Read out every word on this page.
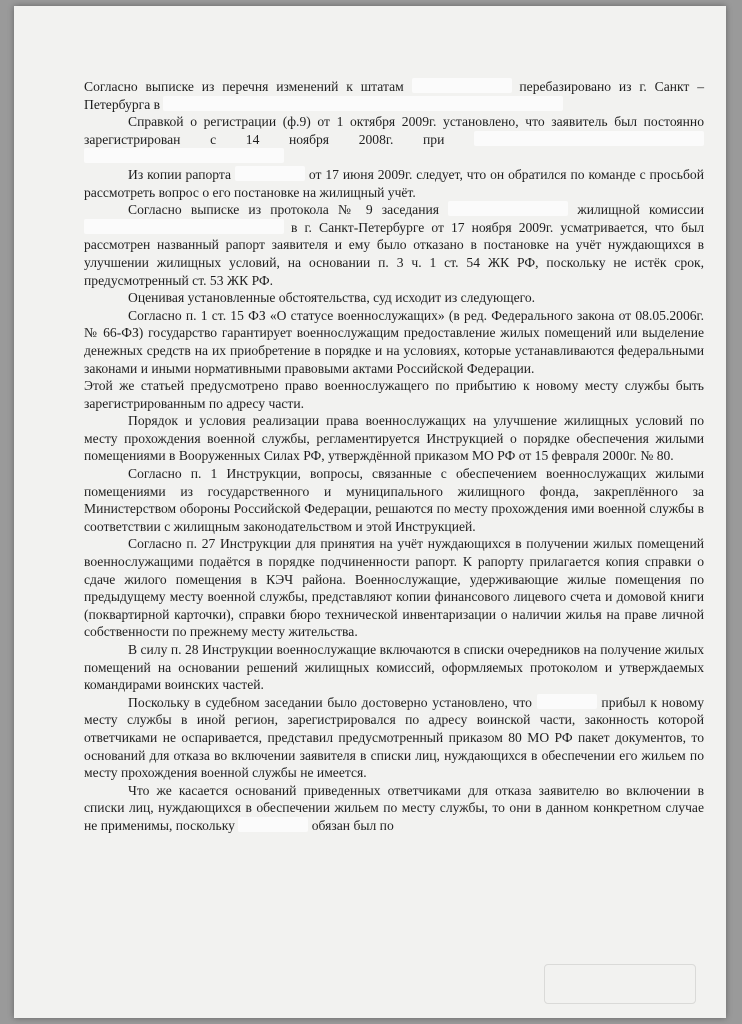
Согласно выписке из перечня изменений к штатам	перебазировано из г. Санкт – Петербурга в

Справкой о регистрации (ф.9) от 1 октября 2009г. установлено, что заявитель был постоянно зарегистрирован с 14 ноября 2008г. при

Из копии рапорта	от 17 июня 2009г. следует, что он обратился по команде с просьбой рассмотреть вопрос о его постановке на жилищный учёт.

Согласно выписке из протокола № 9 заседания	жилищной комиссии  в г. Санкт-Петербурге от 17 ноября 2009г. усматривается, что был рассмотрен названный рапорт заявителя и ему было отказано в постановке на учёт нуждающихся в улучшении жилищных условий, на основании п. 3 ч. 1 ст. 54 ЖК РФ, поскольку не истёк срок, предусмотренный ст. 53 ЖК РФ.

Оценивая установленные обстоятельства, суд исходит из следующего.

Согласно п. 1 ст. 15 ФЗ «О статусе военнослужащих» (в ред. Федерального закона от 08.05.2006г. № 66-ФЗ) государство гарантирует военнослужащим предоставление жилых помещений или выделение денежных средств на их приобретение в порядке и на условиях, которые устанавливаются федеральными законами и иными нормативными правовыми актами Российской Федерации.

Этой же статьей предусмотрено право военнослужащего по прибытию к новому месту службы быть зарегистрированным по адресу части.

Порядок и условия реализации права военнослужащих на улучшение жилищных условий по месту прохождения военной службы, регламентируется Инструкцией о порядке обеспечения жилыми помещениями в Вооруженных Силах РФ, утверждённой приказом МО РФ от 15 февраля 2000г. № 80.

Согласно п. 1 Инструкции, вопросы, связанные с обеспечением военнослужащих жилыми помещениями из государственного и муниципального жилищного фонда, закреплённого за Министерством обороны Российской Федерации, решаются по месту прохождения ими военной службы в соответствии с жилищным законодательством и этой Инструкцией.

Согласно п. 27 Инструкции для принятия на учёт нуждающихся в получении жилых помещений военнослужащими подаётся в порядке подчиненности рапорт. К рапорту прилагается копия справки о сдаче жилого помещения в КЭЧ района. Военнослужащие, удерживающие жилые помещения по предыдущему месту военной службы, представляют копии финансового лицевого счета и домовой книги (поквартирной карточки), справки бюро технической инвентаризации о наличии жилья на праве личной собственности по прежнему месту жительства.

В силу п. 28 Инструкции военнослужащие включаются в списки очередников на получение жилых помещений на основании решений жилищных комиссий, оформляемых протоколом и утверждаемых командирами воинских частей.

Поскольку в судебном заседании было достоверно установлено, что	прибыл к новому месту службы в иной регион, зарегистрировался по адресу воинской части, законность которой ответчиками не оспаривается, представил предусмотренный приказом 80 МО РФ пакет документов, то оснований для отказа во включении заявителя в списки лиц, нуждающихся в обеспечении его жильем по месту прохождения военной службы не имеется.

Что же касается оснований приведенных ответчиками для отказа заявителю во включении в списки лиц, нуждающихся в обеспечении жильем по месту службы, то они в данном конкретном случае не применимы, поскольку	обязан был по
